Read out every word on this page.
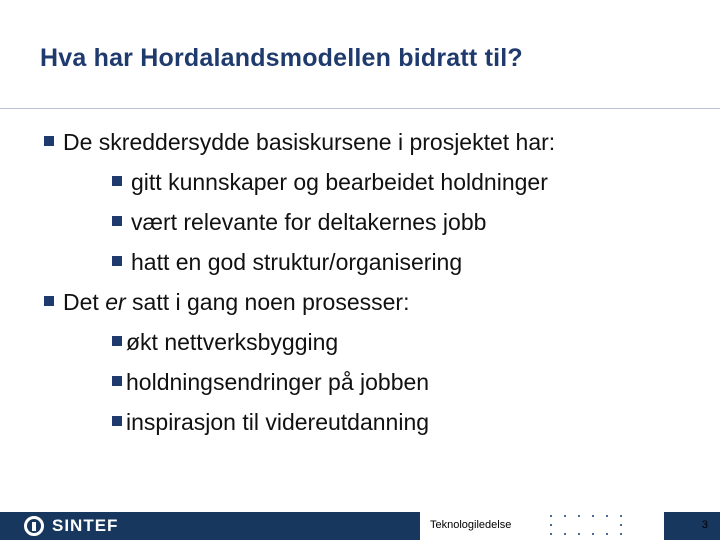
Hva har Hordalandsmodellen bidratt til?
De skreddersydde basiskursene i prosjektet har:
gitt kunnskaper og bearbeidet holdninger
vært relevante for deltakernes jobb
hatt en god struktur/organisering
Det er satt i gang noen prosesser:
økt nettverksbygging
holdningsendringer på jobben
inspirasjon til videreutdanning
SINTEF	Teknologiledelse	3
